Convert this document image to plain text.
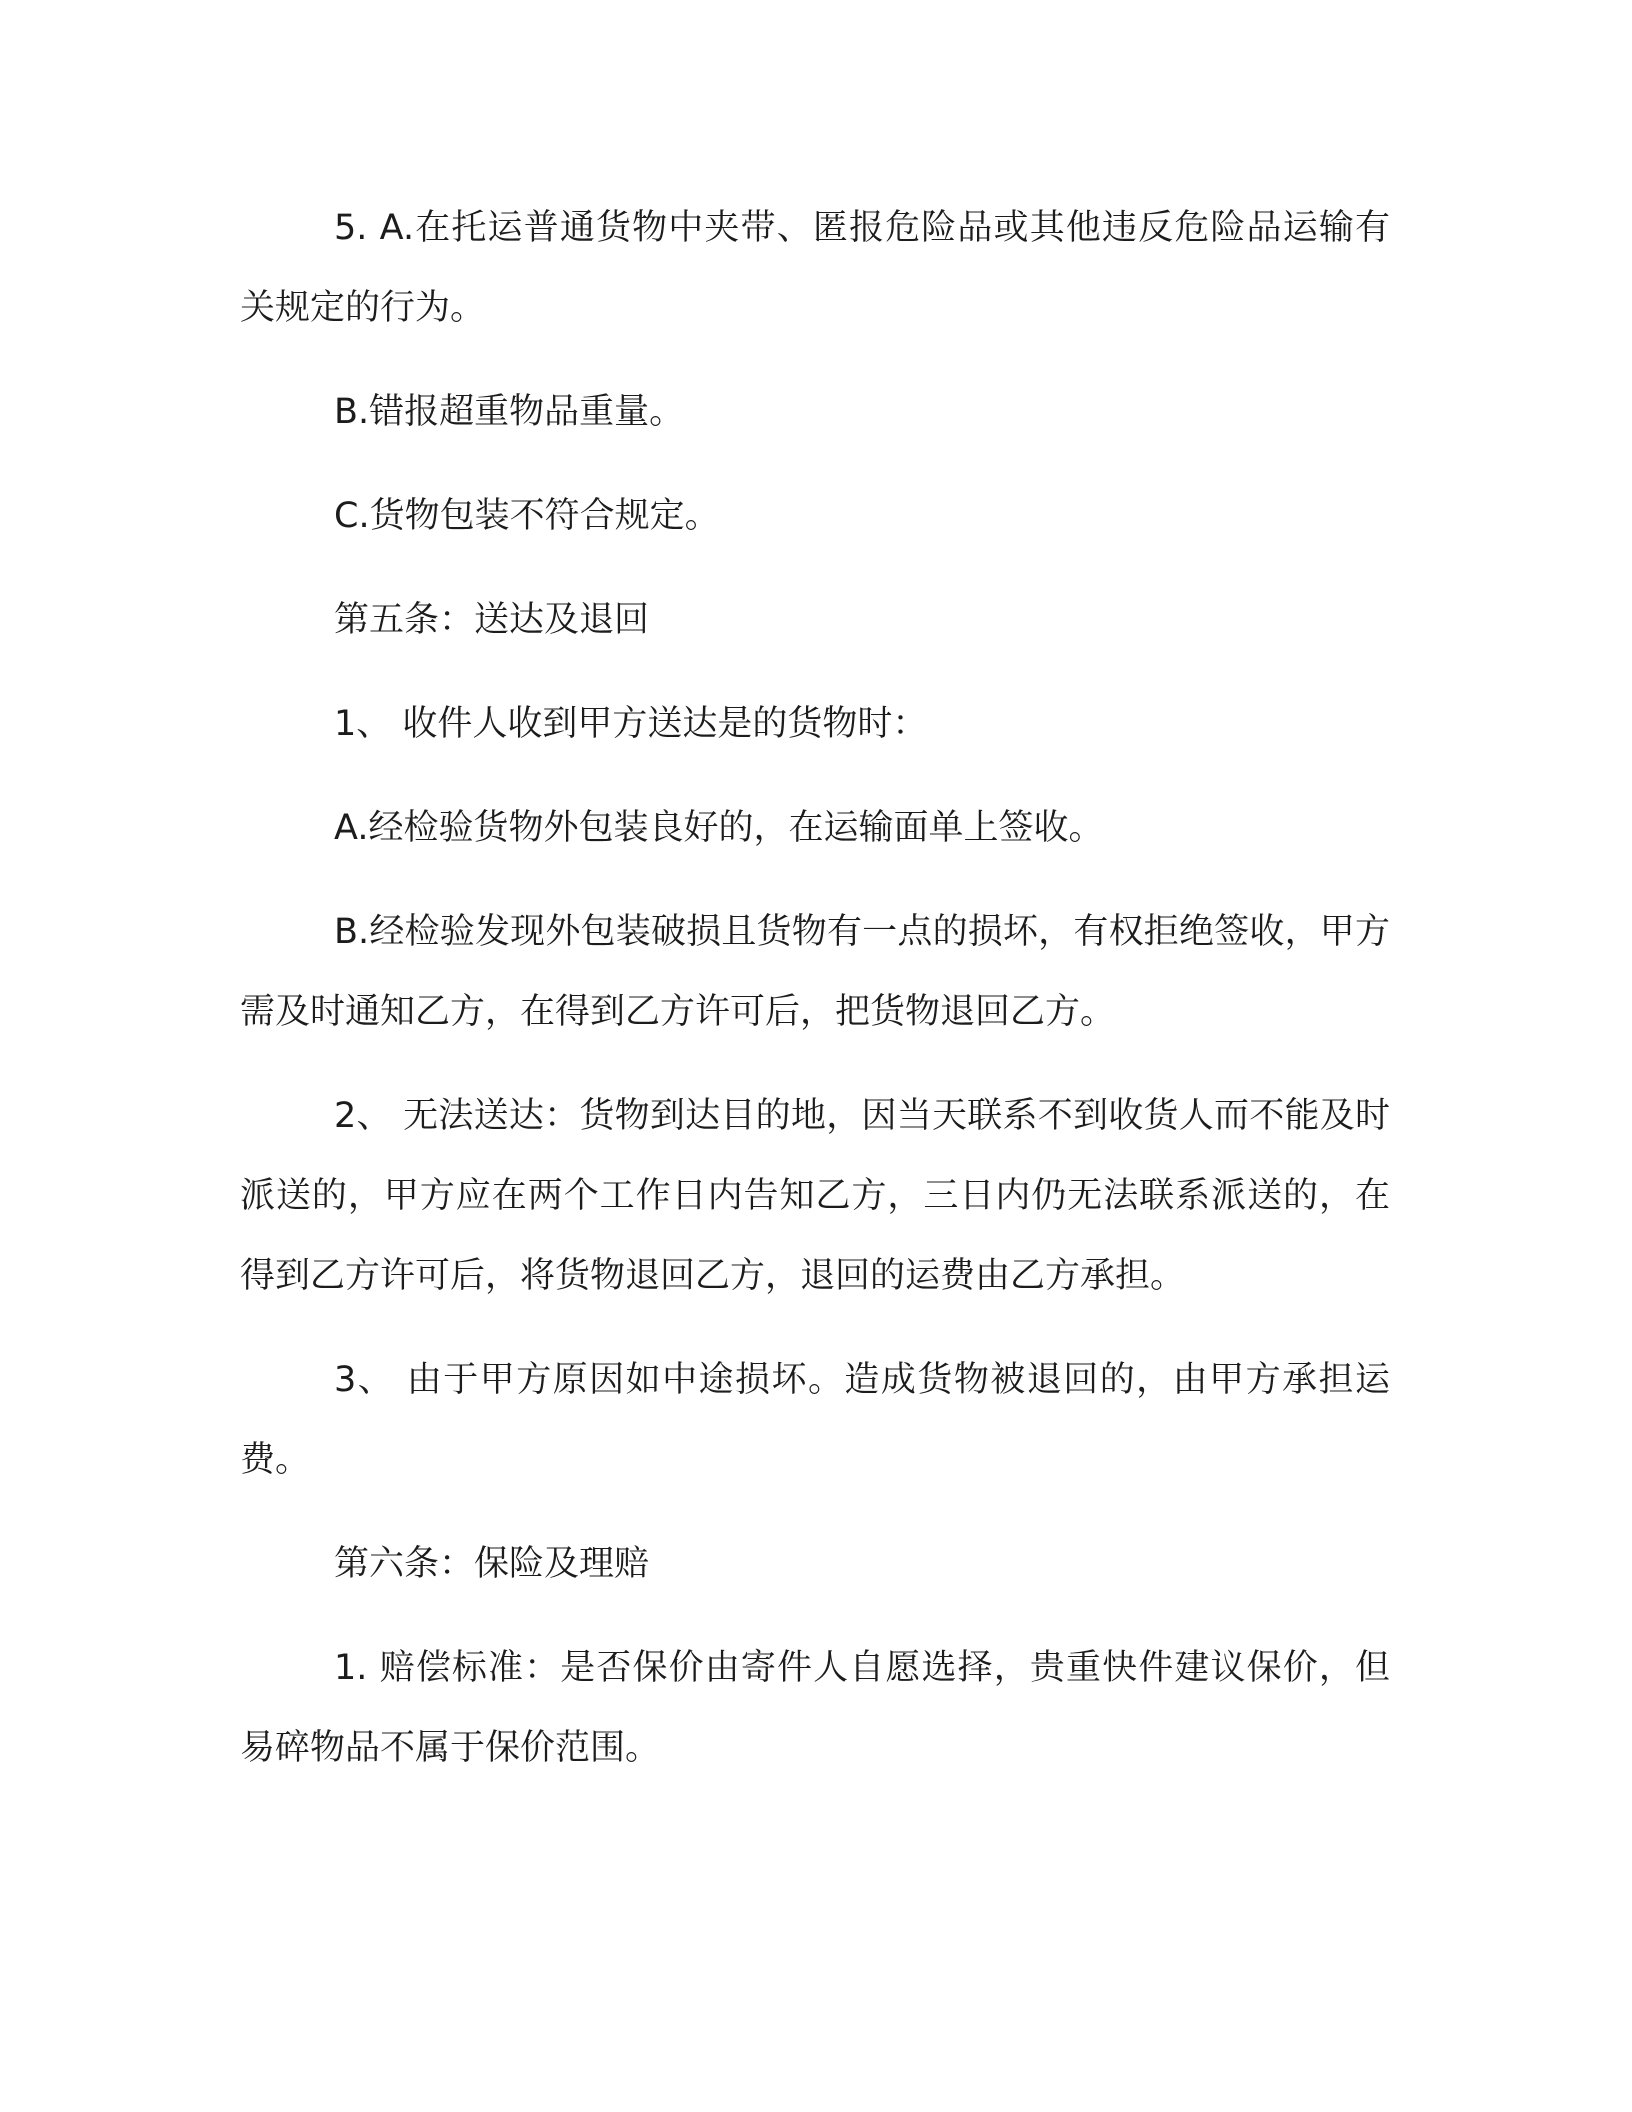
5. A.在托运普通货物中夹带、匿报危险品或其他违反危险品运输有关规定的行为。

B.错报超重物品重量。

C.货物包装不符合规定。

第五条：送达及退回

1、 收件人收到甲方送达是的货物时：

A.经检验货物外包装良好的，在运输面单上签收。

B.经检验发现外包装破损且货物有一点的损坏，有权拒绝签收，甲方需及时通知乙方，在得到乙方许可后，把货物退回乙方。

2、 无法送达：货物到达目的地，因当天联系不到收货人而不能及时派送的，甲方应在两个工作日内告知乙方，三日内仍无法联系派送的，在得到乙方许可后，将货物退回乙方，退回的运费由乙方承担。

3、 由于甲方原因如中途损坏。造成货物被退回的，由甲方承担运费。

第六条：保险及理赔

1. 赔偿标准：是否保价由寄件人自愿选择，贵重快件建议保价，但易碎物品不属于保价范围。
